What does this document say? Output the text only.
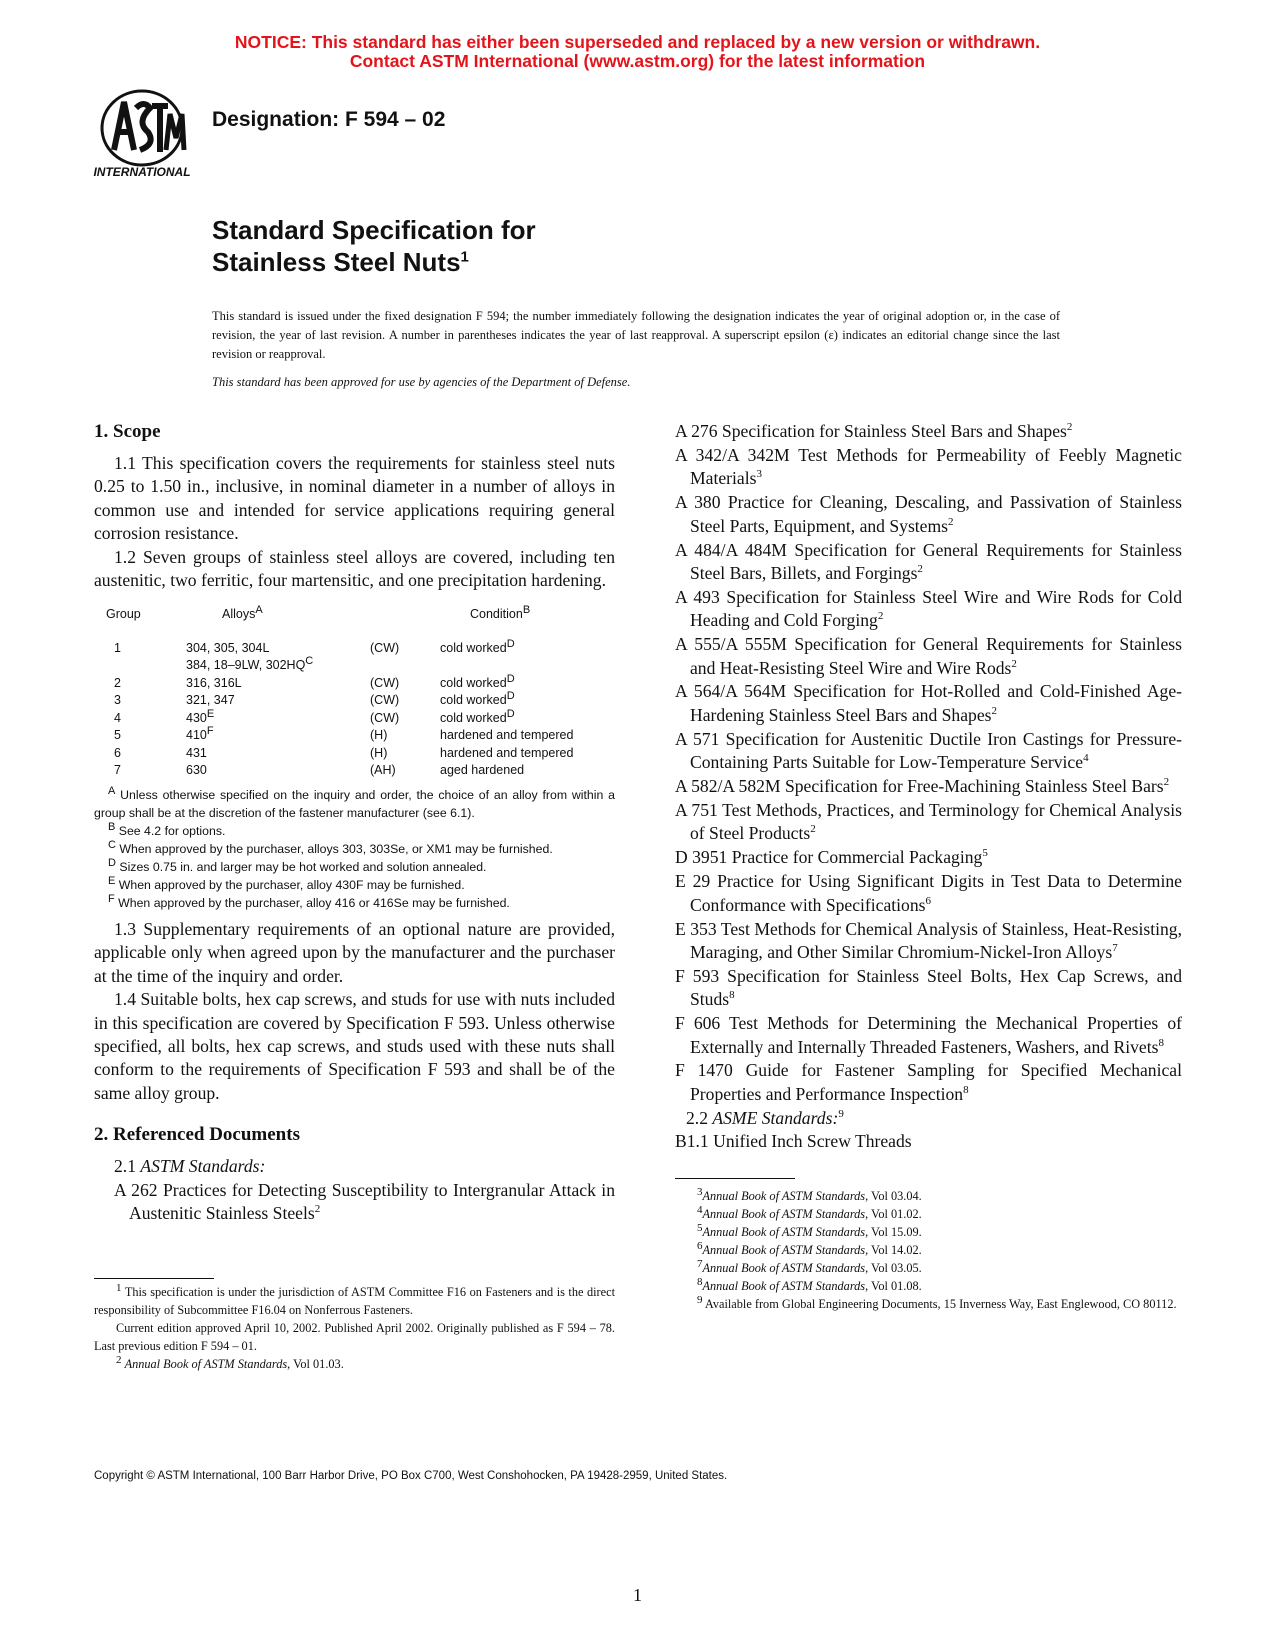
NOTICE: This standard has either been superseded and replaced by a new version or withdrawn.
Contact ASTM International (www.astm.org) for the latest information
INTERNATIONAL
Designation: F 594 – 02
Standard Specification for
Stainless Steel Nuts$^1$
This standard is issued under the fixed designation F 594; the number immediately following the designation indicates the year of original adoption or, in the case of revision, the year of last revision. A number in parentheses indicates the year of last reapproval. A superscript epsilon (ε) indicates an editorial change since the last revision or reapproval.
This standard has been approved for use by agencies of the Department of Defense.
1. Scope

1.1 This specification covers the requirements for stainless steel nuts 0.25 to 1.50 in., inclusive, in nominal diameter in a number of alloys in common use and intended for service applications requiring general corrosion resistance.

1.2 Seven groups of stainless steel alloys are covered, including ten austenitic, two ferritic, four martensitic, and one precipitation hardening.

Group	Alloys$^A$		Condition$^B$
1	304, 305, 304L	(CW)	cold worked$^D$
	384, 18–9LW, $302HQ^C$		
2	316, 316L	(CW)	cold worked$^D$
3	321, 347	(CW)	cold worked$^D$
4	$430^E$	(CW)	cold worked$^D$
5	$410^F$	(H)	hardened and tempered
6	431	(H)	hardened and tempered
7	630	(AH)	aged hardened
$^A$ Unless otherwise specified on the inquiry and order, the choice of an alloy from within a group shall be at the discretion of the fastener manufacturer (see 6.1).
$^B$ See 4.2 for options.
$^C$ When approved by the purchaser, alloys 303, 303Se, or XM1 may be furnished.
$^D$ Sizes 0.75 in. and larger may be hot worked and solution annealed.
$^E$ When approved by the purchaser, alloy 430F may be furnished.
$^F$ When approved by the purchaser, alloy 416 or 416Se may be furnished.

1.3 Supplementary requirements of an optional nature are provided, applicable only when agreed upon by the manufacturer and the purchaser at the time of the inquiry and order.

1.4 Suitable bolts, hex cap screws, and studs for use with nuts included in this specification are covered by Specification F 593. Unless otherwise specified, all bolts, hex cap screws, and studs used with these nuts shall conform to the requirements of Specification F 593 and shall be of the same alloy group.

2. Referenced Documents

2.1 ASTM Standards:

A 262 Practices for Detecting Susceptibility to Intergranular Attack in Austenitic Stainless Steels$^2$

$^1$ This specification is under the jurisdiction of ASTM Committee F16 on Fasteners and is the direct responsibility of Subcommittee F16.04 on Nonferrous Fasteners.
Current edition approved April 10, 2002. Published April 2002. Originally published as F 594 – 78. Last previous edition F 594 – 01.
$^2$ Annual Book of ASTM Standards, Vol 01.03.

A 276 Specification for Stainless Steel Bars and Shapes$^2$

A 342/A 342M Test Methods for Permeability of Feebly Magnetic Materials$^3$

A 380 Practice for Cleaning, Descaling, and Passivation of Stainless Steel Parts, Equipment, and Systems$^2$

A 484/A 484M Specification for General Requirements for Stainless Steel Bars, Billets, and Forgings$^2$

A 493 Specification for Stainless Steel Wire and Wire Rods for Cold Heading and Cold Forging$^2$

A 555/A 555M Specification for General Requirements for Stainless and Heat-Resisting Steel Wire and Wire Rods$^2$

A 564/A 564M Specification for Hot-Rolled and Cold-Finished Age-Hardening Stainless Steel Bars and Shapes$^2$

A 571 Specification for Austenitic Ductile Iron Castings for Pressure-Containing Parts Suitable for Low-Temperature Service$^4$

A 582/A 582M Specification for Free-Machining Stainless Steel Bars$^2$

A 751 Test Methods, Practices, and Terminology for Chemical Analysis of Steel Products$^2$

D 3951 Practice for Commercial Packaging$^5$

E 29 Practice for Using Significant Digits in Test Data to Determine Conformance with Specifications$^6$

E 353 Test Methods for Chemical Analysis of Stainless, Heat-Resisting, Maraging, and Other Similar Chromium-Nickel-Iron Alloys$^7$

F 593 Specification for Stainless Steel Bolts, Hex Cap Screws, and Studs$^8$

F 606 Test Methods for Determining the Mechanical Properties of Externally and Internally Threaded Fasteners, Washers, and Rivets$^8$

F 1470 Guide for Fastener Sampling for Specified Mechanical Properties and Performance Inspection$^8$

2.2 ASME Standards:$^9$

B1.1 Unified Inch Screw Threads

$^3$Annual Book of ASTM Standards, Vol 03.04.
$^4$Annual Book of ASTM Standards, Vol 01.02.
$^5$Annual Book of ASTM Standards, Vol 15.09.
$^6$Annual Book of ASTM Standards, Vol 14.02.
$^7$Annual Book of ASTM Standards, Vol 03.05.
$^8$Annual Book of ASTM Standards, Vol 01.08.
$^9$ Available from Global Engineering Documents, 15 Inverness Way, East Englewood, CO 80112.
Copyright © ASTM International, 100 Barr Harbor Drive, PO Box C700, West Conshohocken, PA 19428-2959, United States.
1
